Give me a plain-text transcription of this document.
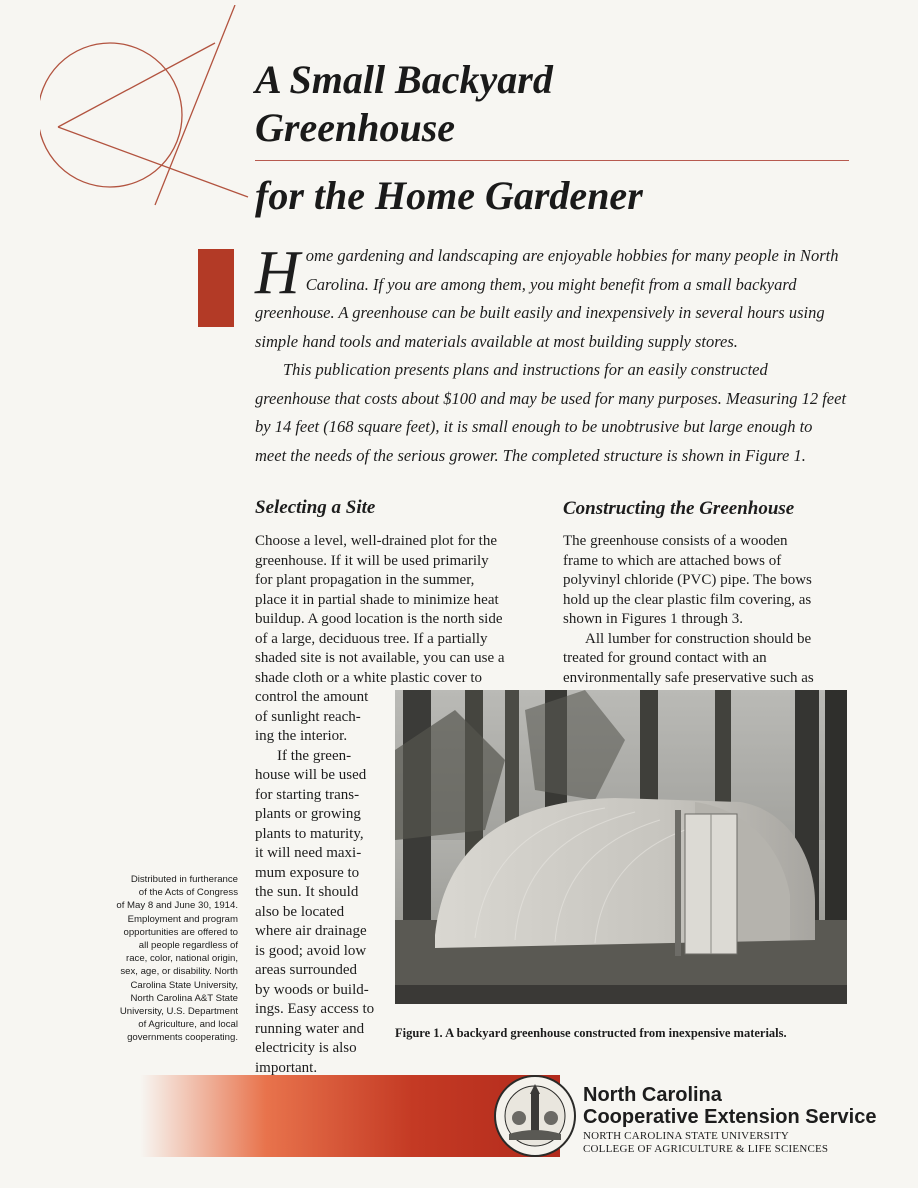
A Small Backyard
Greenhouse
for the Home Gardener

Home gardening and landscaping are enjoyable hobbies for many people in North Carolina. If you are among them, you might benefit from a small backyard greenhouse. A greenhouse can be built easily and inexpensively in several hours using simple hand tools and materials available at most building supply stores.

This publication presents plans and instructions for an easily constructed greenhouse that costs about $100 and may be used for many purposes. Measuring 12 feet by 14 feet (168 square feet), it is small enough to be unobtrusive but large enough to meet the needs of the serious grower. The completed structure is shown in Figure 1.

Selecting a Site

Choose a level, well-drained plot for the
greenhouse. If it will be used primarily
for plant propagation in the summer,
place it in partial shade to minimize heat
buildup. A good location is the north side
of a large, deciduous tree. If a partially
shaded site is not available, you can use a
shade cloth or a white plastic cover to
control the amount
of sunlight reach-
ing the interior.

If the green-
house will be used
for starting trans-
plants or growing
plants to maturity,
it will need maxi-
mum exposure to
the sun. It should
also be located
where air drainage
is good; avoid low
areas surrounded
by woods or build-
ings. Easy access to
running water and
electricity is also
important.

Constructing the Greenhouse

The greenhouse consists of a wooden
frame to which are attached bows of
polyvinyl chloride (PVC) pipe. The bows
hold up the clear plastic film covering, as
shown in Figures 1 through 3.

All lumber for construction should be
treated for ground contact with an
environmentally safe preservative such as

Figure 1. A backyard greenhouse constructed from inexpensive materials.

Distributed in furtherance
of the Acts of Congress
of May 8 and June 30, 1914.
Employment and program
opportunities are offered to
all people regardless of
race, color, national origin,
sex, age, or disability. North
Carolina State University,
North Carolina A&T State
University, U.S. Department
of Agriculture, and local
governments cooperating.
North Carolina
Cooperative Extension Service
NORTH CAROLINA STATE UNIVERSITY
COLLEGE OF AGRICULTURE & LIFE SCIENCES
